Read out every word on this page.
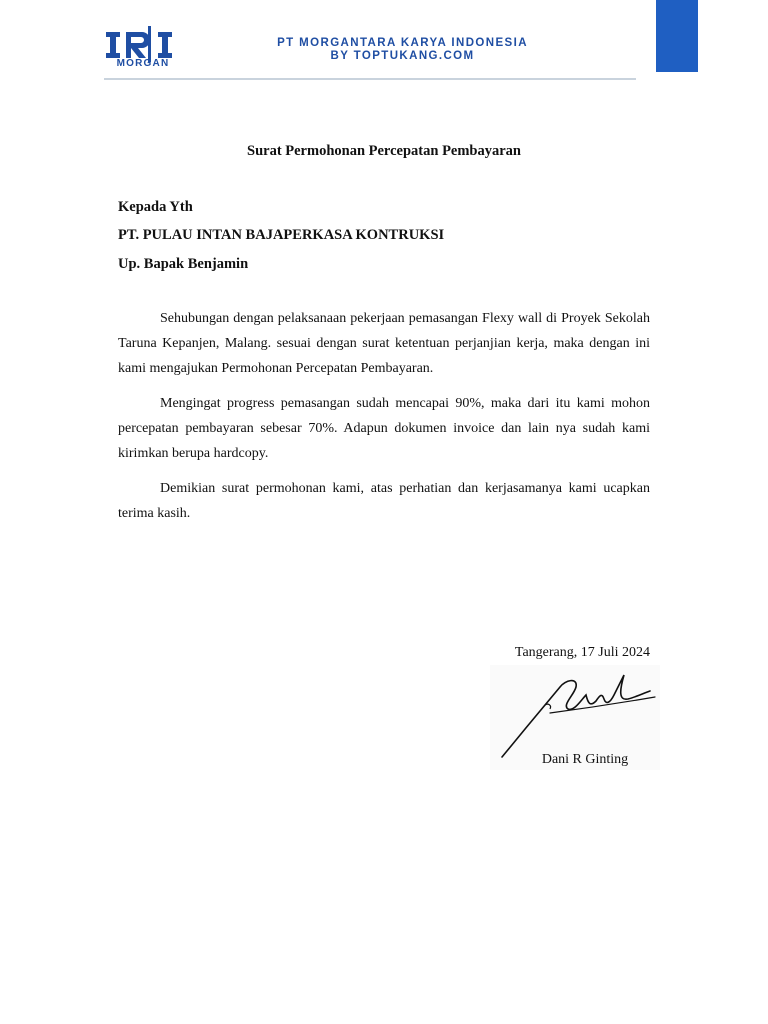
MORGAN
PT MORGANTARA KARYA INDONESIA
BY TOPTUKANG.COM
Surat Permohonan Percepatan Pembayaran
Kepada Yth
PT. PULAU INTAN BAJAPERKASA KONTRUKSI
Up. Bapak Benjamin

Sehubungan dengan pelaksanaan pekerjaan pemasangan Flexy wall di Proyek Sekolah Taruna Kepanjen, Malang. sesuai dengan surat ketentuan perjanjian kerja, maka dengan ini kami mengajukan Permohonan Percepatan Pembayaran.

Mengingat progress pemasangan sudah mencapai 90%, maka dari itu kami mohon percepatan pembayaran sebesar 70%. Adapun dokumen invoice dan lain nya sudah kami kirimkan berupa hardcopy.

Demikian surat permohonan kami, atas perhatian dan kerjasamanya kami ucapkan terima kasih.

Tangerang, 17 Juli 2024
Dani R Ginting
